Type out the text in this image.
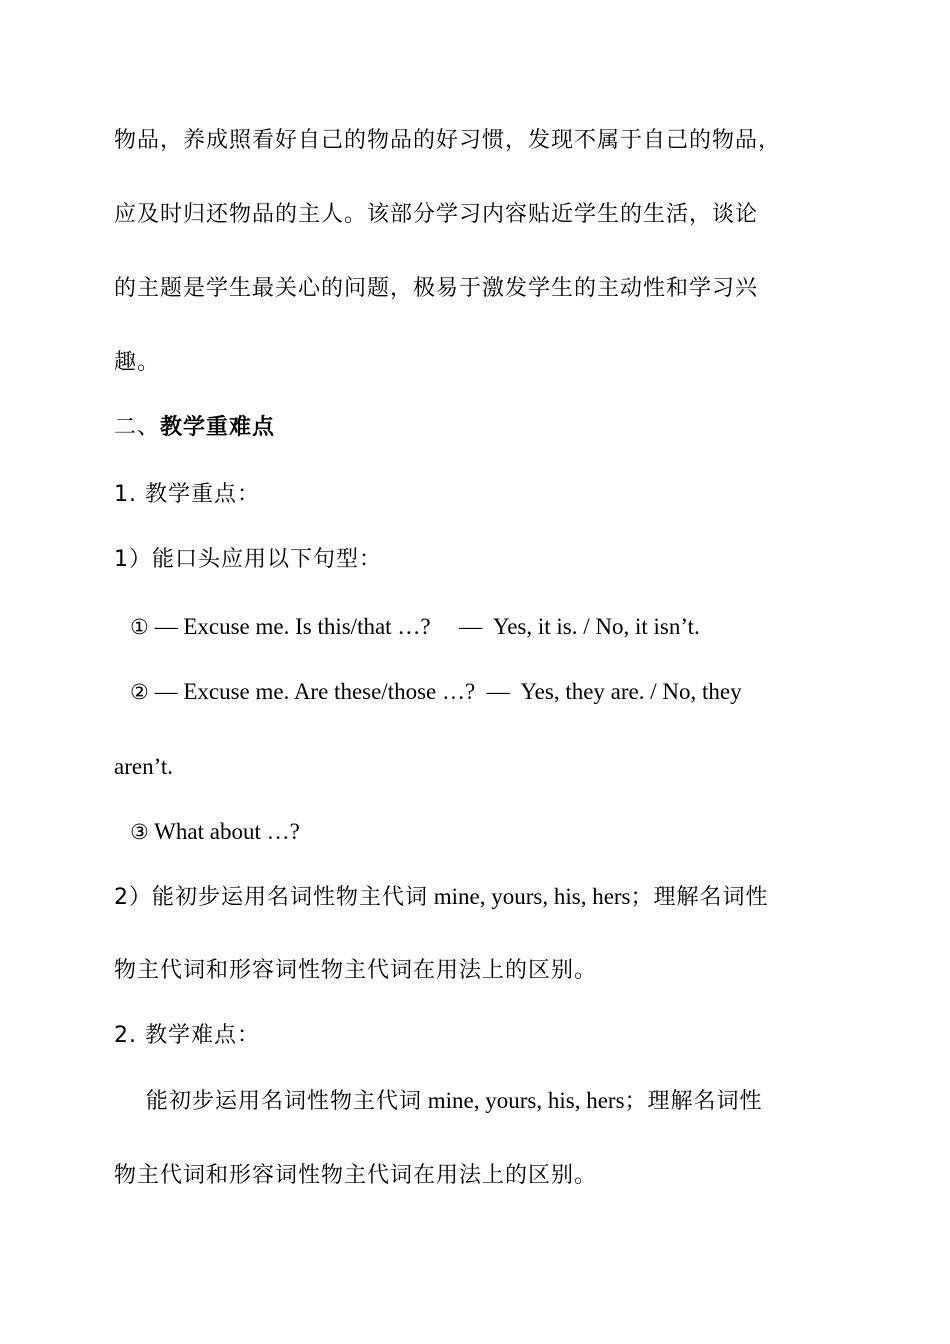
物品，养成照看好自己的物品的好习惯，发现不属于自己的物品，
应及时归还物品的主人。该部分学习内容贴近学生的生活，谈论
的主题是学生最关心的问题，极易于激发学生的主动性和学习兴
趣。
二、教学重难点
1. 教学重点：
1）能口头应用以下句型：
① — Excuse me. Is this/that …?     —  Yes, it is. / No, it isn’t.
② — Excuse me. Are these/those …?  —  Yes, they are. / No, they
aren’t.
③ What about …?
2）能初步运用名词性物主代词 mine, yours, his, hers；理解名词性
物主代词和形容词性物主代词在用法上的区别。
2. 教学难点：
能初步运用名词性物主代词 mine, yours, his, hers；理解名词性
物主代词和形容词性物主代词在用法上的区别。
